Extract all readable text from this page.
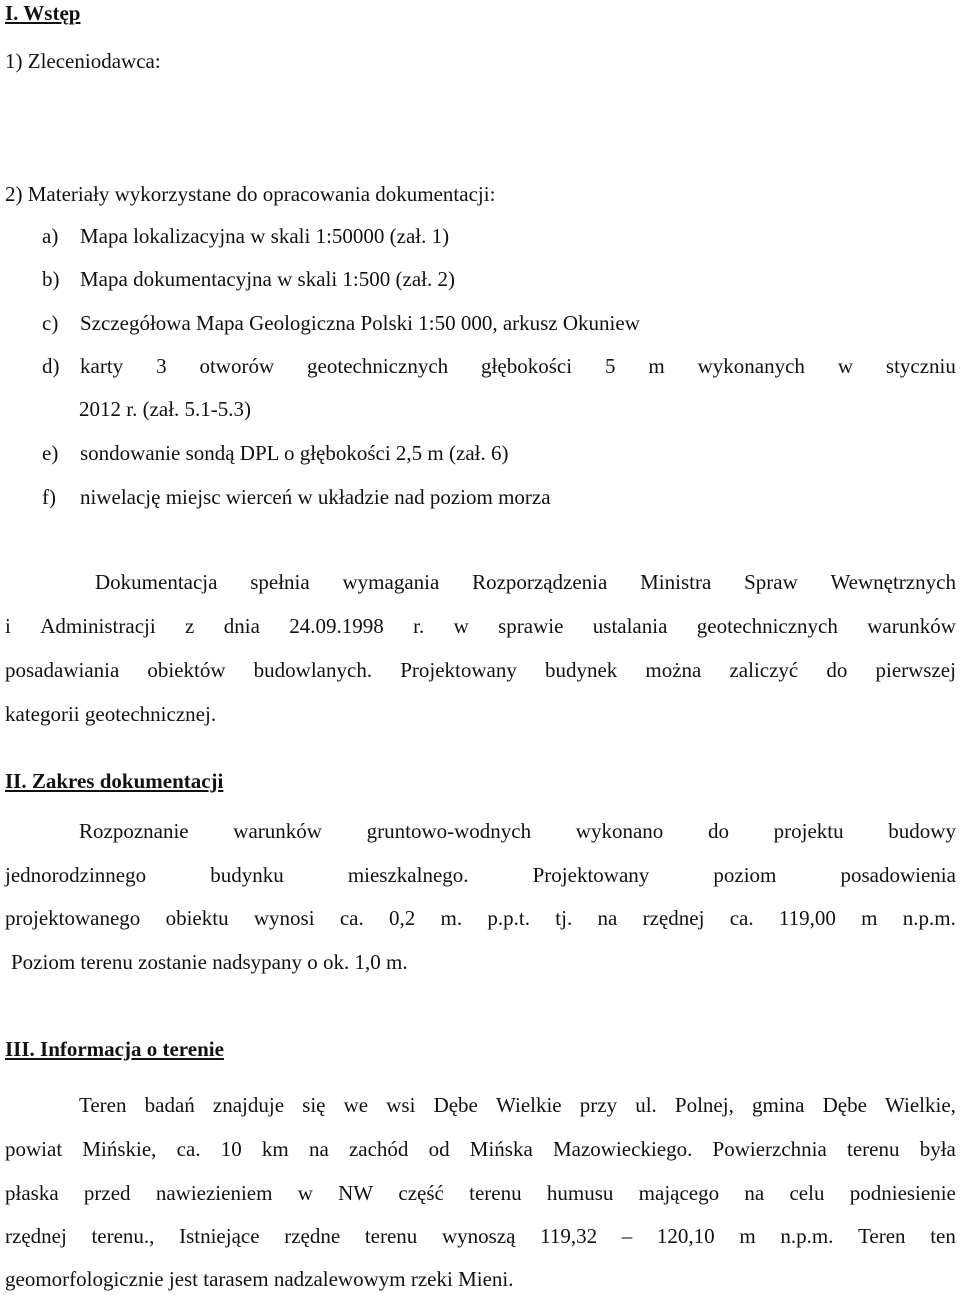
I. Wstęp
1) Zleceniodawca:
2) Materiały wykorzystane do opracowania dokumentacji:
a) Mapa lokalizacyjna w skali 1:50000 (zał. 1)
b) Mapa dokumentacyjna w skali 1:500 (zał. 2)
c) Szczegółowa Mapa Geologiczna Polski 1:50 000, arkusz Okuniew
d) karty 3 otworów geotechnicznych głębokości 5 m wykonanych w styczniu
2012 r. (zał. 5.1-5.3)
e) sondowanie sondą DPL o głębokości 2,5 m (zał. 6)
f) niwelację miejsc wierceń w układzie nad poziom morza
Dokumentacja spełnia wymagania Rozporządzenia Ministra Spraw Wewnętrznych
i Administracji z dnia 24.09.1998 r. w sprawie ustalania geotechnicznych warunków
posadawiania obiektów budowlanych. Projektowany budynek można zaliczyć do pierwszej
kategorii geotechnicznej.
II. Zakres dokumentacji
Rozpoznanie warunków gruntowo-wodnych wykonano do projektu budowy
jednorodzinnego	budynku	mieszkalnego.	Projektowany	poziom	posadowienia
projektowanego obiektu wynosi ca. 0,2 m. p.p.t. tj. na rzędnej ca. 119,00 m n.p.m.
Poziom terenu zostanie nadsypany o ok. 1,0 m.
III. Informacja o terenie
Teren badań znajduje się we wsi Dębe Wielkie przy ul. Polnej, gmina Dębe Wielkie,
powiat Mińskie, ca. 10 km na zachód od Mińska Mazowieckiego. Powierzchnia terenu była
płaska przed nawiezieniem w NW część terenu humusu mającego na celu podniesienie
rzędnej terenu., Istniejące rzędne terenu wynoszą 119,32 – 120,10 m n.p.m. Teren ten
geomorfologicznie jest tarasem nadzalewowym rzeki Mieni.
